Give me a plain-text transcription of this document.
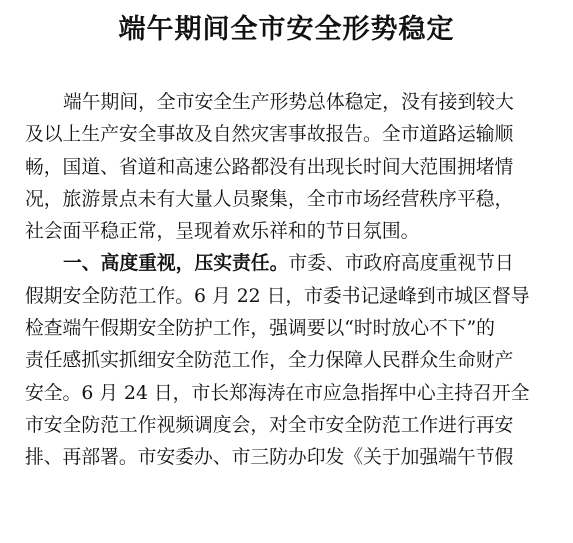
端午期间全市安全形势稳定
端午期间，全市安全生产形势总体稳定，没有接到较大
及以上生产安全事故及自然灾害事故报告。全市道路运输顺
畅，国道、省道和高速公路都没有出现长时间大范围拥堵情
况，旅游景点未有大量人员聚集，全市市场经营秩序平稳，
社会面平稳正常，呈现着欢乐祥和的节日氛围。
一、高度重视，压实责任。市委、市政府高度重视节日
假期安全防范工作。6 月 22 日，市委书记逯峰到市城区督导
检查端午假期安全防护工作，强调要以“时时放心不下”的
责任感抓实抓细安全防范工作，全力保障人民群众生命财产
安全。6 月 24 日，市长郑海涛在市应急指挥中心主持召开全
市安全防范工作视频调度会，对全市安全防范工作进行再安
排、再部署。市安委办、市三防办印发《关于加强端午节假
